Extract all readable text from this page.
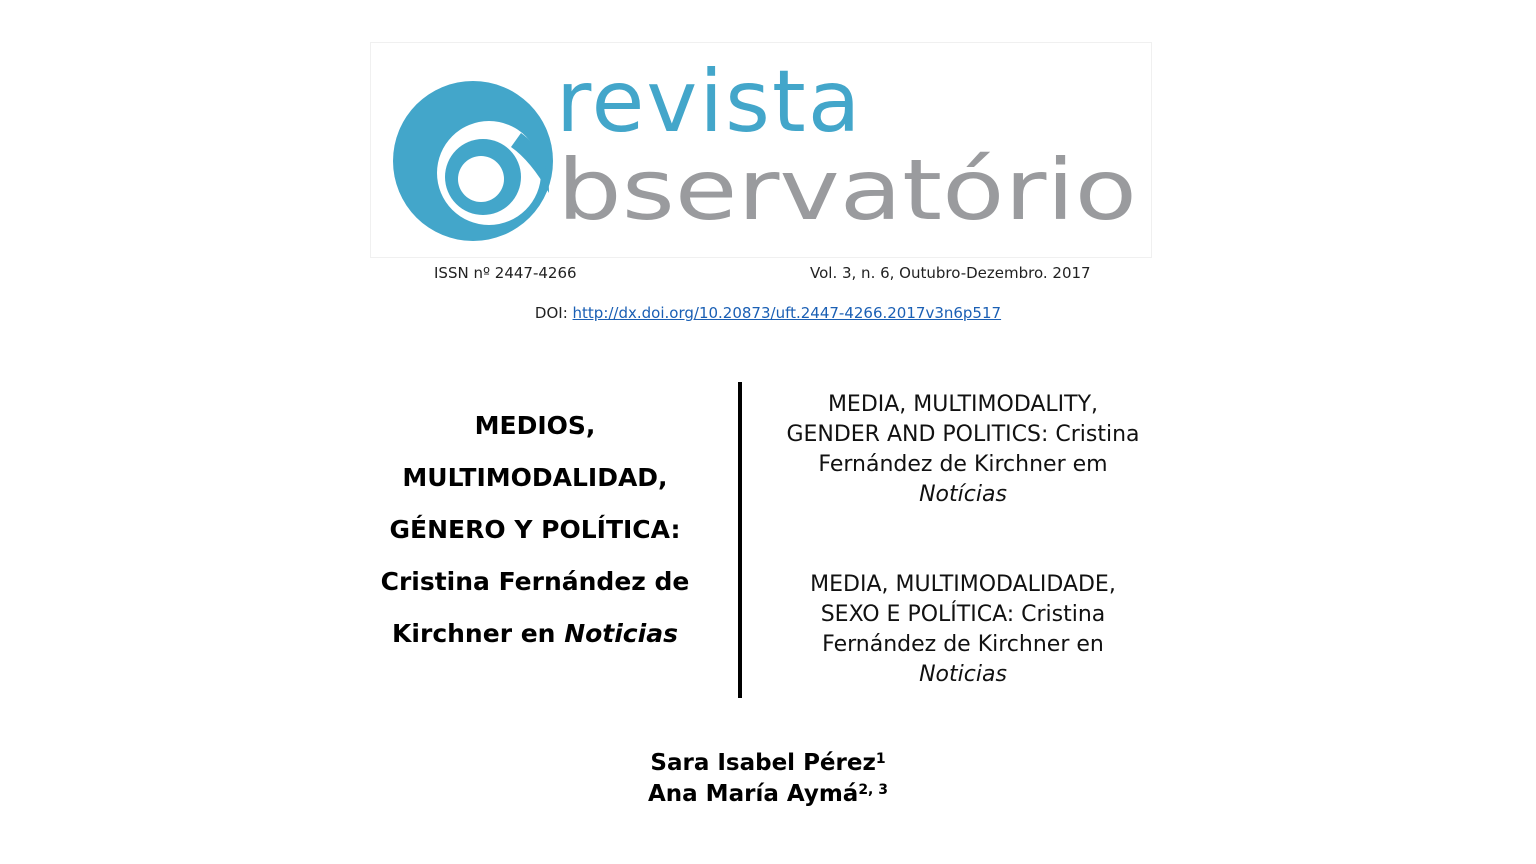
revista
bservatório
ISSN nº 2447-4266	Vol. 3, n. 6, Outubro-Dezembro. 2017
DOI: http://dx.doi.org/10.20873/uft.2447-4266.2017v3n6p517
MEDIOS,
MULTIMODALIDAD,
GÉNERO Y POLÍTICA:
Cristina Fernández de
Kirchner en Noticias
MEDIA, MULTIMODALITY,
GENDER AND POLITICS: Cristina
Fernández de Kirchner em
Notícias
MEDIA, MULTIMODALIDADE,
SEXO E POLÍTICA: Cristina
Fernández de Kirchner en
Noticias
Sara Isabel Pérez$^1$
Ana María Aymá$^{2, 3}$
